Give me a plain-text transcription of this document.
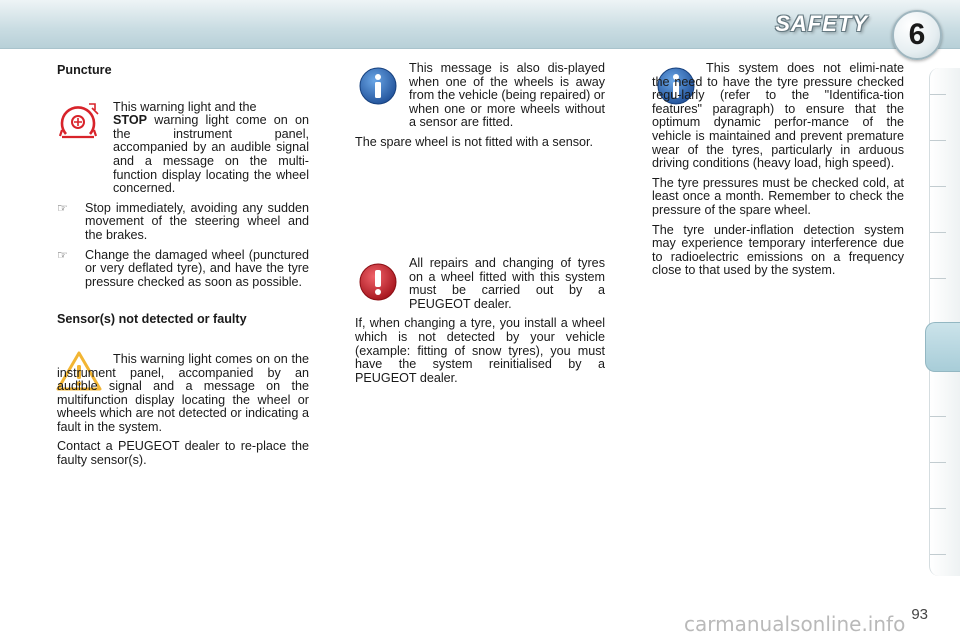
SAFETY	6

Puncture

This warning light and the
STOP warning light come on on the instrument panel, accompanied by an audible signal and a message on the multi-function display locating the wheel concerned.

☞ Stop immediately, avoiding any sudden movement of the steering wheel and the brakes.
☞ Change the damaged wheel (punctured or very deflated tyre), and have the tyre pressure checked as soon as possible.

Sensor(s) not detected or faulty

This warning light comes on on the instrument panel, accompanied by an audible signal and a message on the multifunction display locating the wheel or wheels which are not detected or indicating a fault in the system.

Contact a PEUGEOT dealer to re-place the faulty sensor(s).

This message is also dis-played when one of the wheels is away from the vehicle (being repaired) or when one or more wheels without a sensor are fitted.

The spare wheel is not fitted with a sensor.

All repairs and changing of tyres on a wheel fitted with this system must be carried out by a PEUGEOT dealer.

If, when changing a tyre, you install a wheel which is not detected by your vehicle (example: fitting of snow tyres), you must have the system reinitialised by a PEUGEOT dealer.

This system does not elimi-nate the need to have the tyre pressure checked regu-larly (refer to the "Identifica-tion features" paragraph) to ensure that the optimum dynamic perfor-mance of the vehicle is maintained and prevent premature wear of the tyres, particularly in arduous driving conditions (heavy load, high speed).

The tyre pressures must be checked cold, at least once a month. Remember to check the pressure of the spare wheel.

The tyre under-inflation detection system may experience temporary interference due to radioelectric emissions on a frequency close to that used by the system.

93
carmanualsonline.info
